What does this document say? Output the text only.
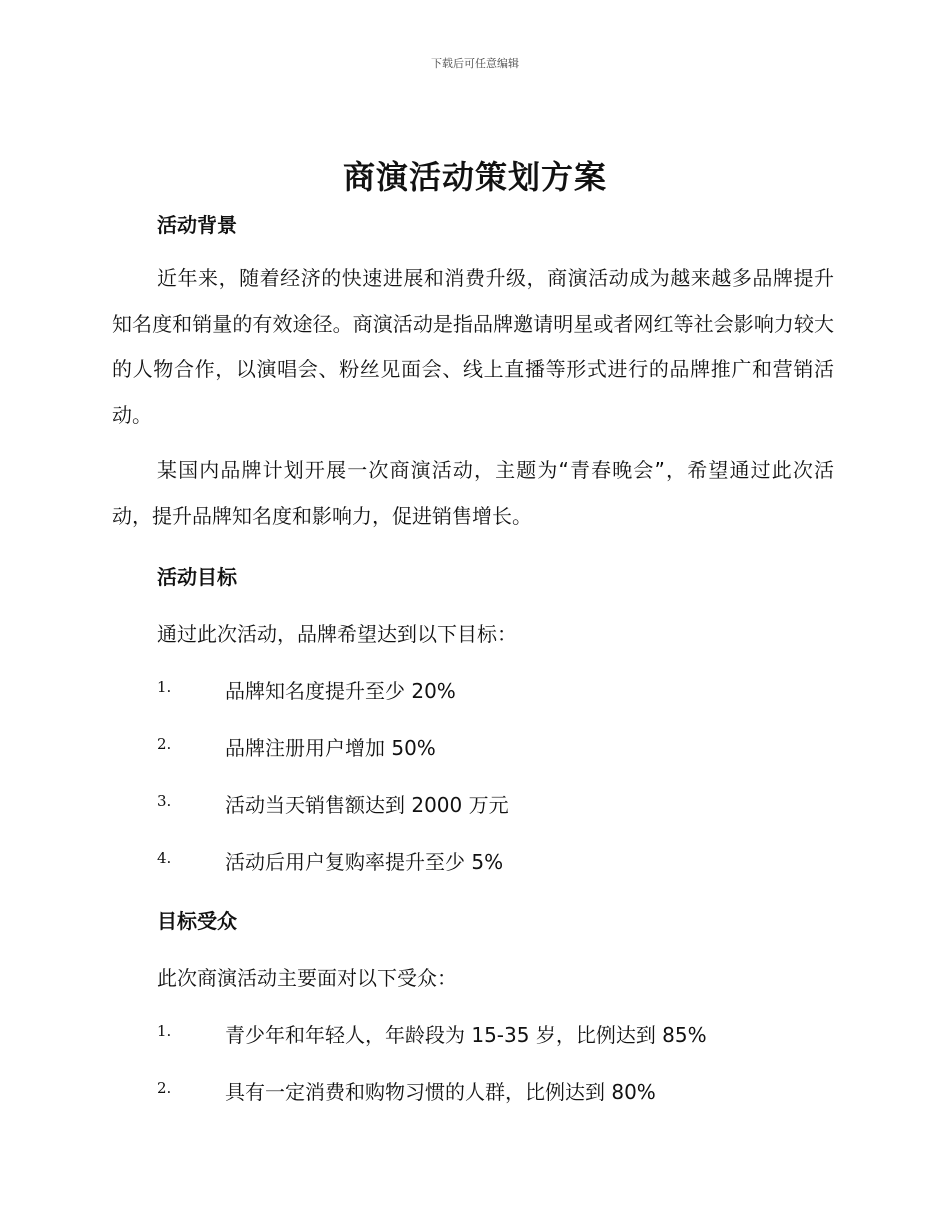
下载后可任意编辑
商演活动策划方案
活动背景
近年来，随着经济的快速进展和消费升级，商演活动成为越来越多品牌提升知名度和销量的有效途径。商演活动是指品牌邀请明星或者网红等社会影响力较大的人物合作，以演唱会、粉丝见面会、线上直播等形式进行的品牌推广和营销活动。
某国内品牌计划开展一次商演活动，主题为“青春晚会”，希望通过此次活动，提升品牌知名度和影响力，促进销售增长。
活动目标
通过此次活动，品牌希望达到以下目标：
1.	品牌知名度提升至少 20%
2.	品牌注册用户增加 50%
3.	活动当天销售额达到 2000 万元
4.	活动后用户复购率提升至少 5%
目标受众
此次商演活动主要面对以下受众：
1.	青少年和年轻人，年龄段为 15-35 岁，比例达到 85%
2.	具有一定消费和购物习惯的人群，比例达到 80%
